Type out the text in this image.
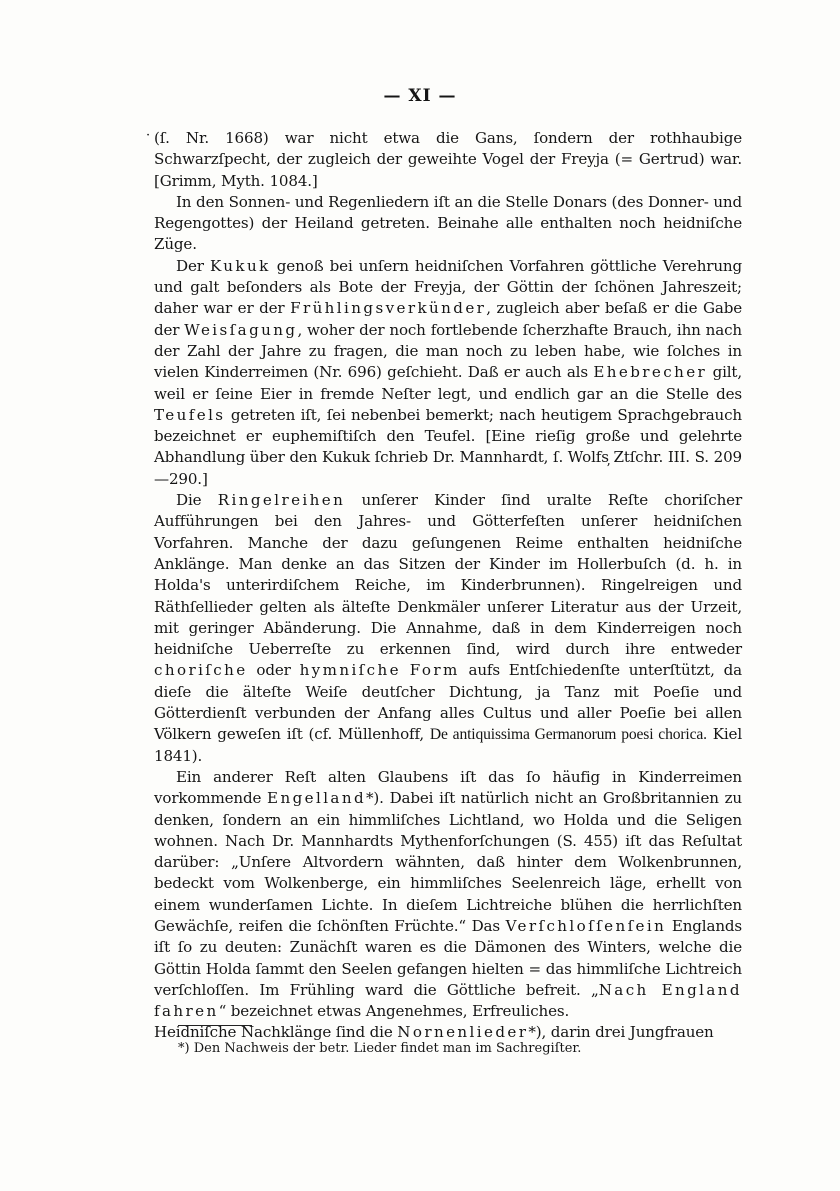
— XI —
·
ʼ

(ſ. Nr. 1668) war nicht etwa die Gans, ſondern der rothhaubige Schwarzſpecht, der zugleich der geweihte Vogel der Freyja (= Gertrud) war. [Grimm, Myth. 1084.]

In den Sonnen- und Regenliedern iſt an die Stelle Donars (des Donner- und Regengottes) der Heiland getreten. Beinahe alle enthalten noch heidniſche Züge.

Der Kukuk genoß bei unſern heidniſchen Vorfahren göttliche Verehrung und galt beſonders als Bote der Freyja, der Göttin der ſchönen Jahreszeit; daher war er der Frühlingsverkünder, zugleich aber beſaß er die Gabe der Weisſagung, woher der noch fortlebende ſcherzhafte Brauch, ihn nach der Zahl der Jahre zu fragen, die man noch zu leben habe, wie ſolches in vielen Kinderreimen (Nr. 696) geſchieht. Daß er auch als Ehebrecher gilt, weil er ſeine Eier in fremde Neſter legt, und endlich gar an die Stelle des Teufels getreten iſt, ſei nebenbei bemerkt; nach heutigem Sprachgebrauch bezeichnet er euphemiſtiſch den Teufel. [Eine rieſig große und gelehrte Abhandlung über den Kukuk ſchrieb Dr. Mannhardt, ſ. Wolfs Ztſchr. III. S. 209—290.]

Die Ringelreihen unſerer Kinder ſind uralte Reſte choriſcher Aufführungen bei den Jahres- und Götterfeſten unſerer heidniſchen Vorfahren. Manche der dazu geſungenen Reime enthalten heidniſche Anklänge. Man denke an das Sitzen der Kinder im Hollerbuſch (d. h. in Holda's unterirdiſchem Reiche, im Kinderbrunnen). Ringelreigen und Räthſellieder gelten als älteſte Denkmäler unſerer Literatur aus der Urzeit, mit geringer Abänderung. Die Annahme, daß in dem Kinderreigen noch heidniſche Ueberreſte zu erkennen ſind, wird durch ihre entweder choriſche oder hymniſche Form aufs Entſchiedenſte unterſtützt, da dieſe die älteſte Weiſe deutſcher Dichtung, ja Tanz mit Poeſie und Götterdienſt verbunden der Anfang alles Cultus und aller Poeſie bei allen Völkern geweſen iſt (cf. Müllenhoff, De antiquissima Germanorum poesi chorica. Kiel 1841).

Ein anderer Reſt alten Glaubens iſt das ſo häufig in Kinderreimen vorkommende Engelland*). Dabei iſt natürlich nicht an Großbritannien zu denken, ſondern an ein himmliſches Lichtland, wo Holda und die Seligen wohnen. Nach Dr. Mannhardts Mythenforſchungen (S. 455) iſt das Reſultat darüber: „Unſere Altvordern wähnten, daß hinter dem Wolkenbrunnen, bedeckt vom Wolkenberge, ein himmliſches Seelenreich läge, erhellt von einem wunderſamen Lichte. In dieſem Lichtreiche blühen die herrlichſten Gewächſe, reifen die ſchönſten Früchte.“ Das Verſchloſſenſein Englands iſt ſo zu deuten: Zunächſt waren es die Dämonen des Winters, welche die Göttin Holda ſammt den Seelen gefangen hielten = das himmliſche Lichtreich verſchloſſen. Im Frühling ward die Göttliche befreit. „Nach England fahren“ bezeichnet etwas Angenehmes, Erfreuliches.

Heidniſche Nachklänge ſind die Nornenlieder*), darin drei Jungfrauen

*) Den Nachweis der betr. Lieder findet man im Sachregiſter.
